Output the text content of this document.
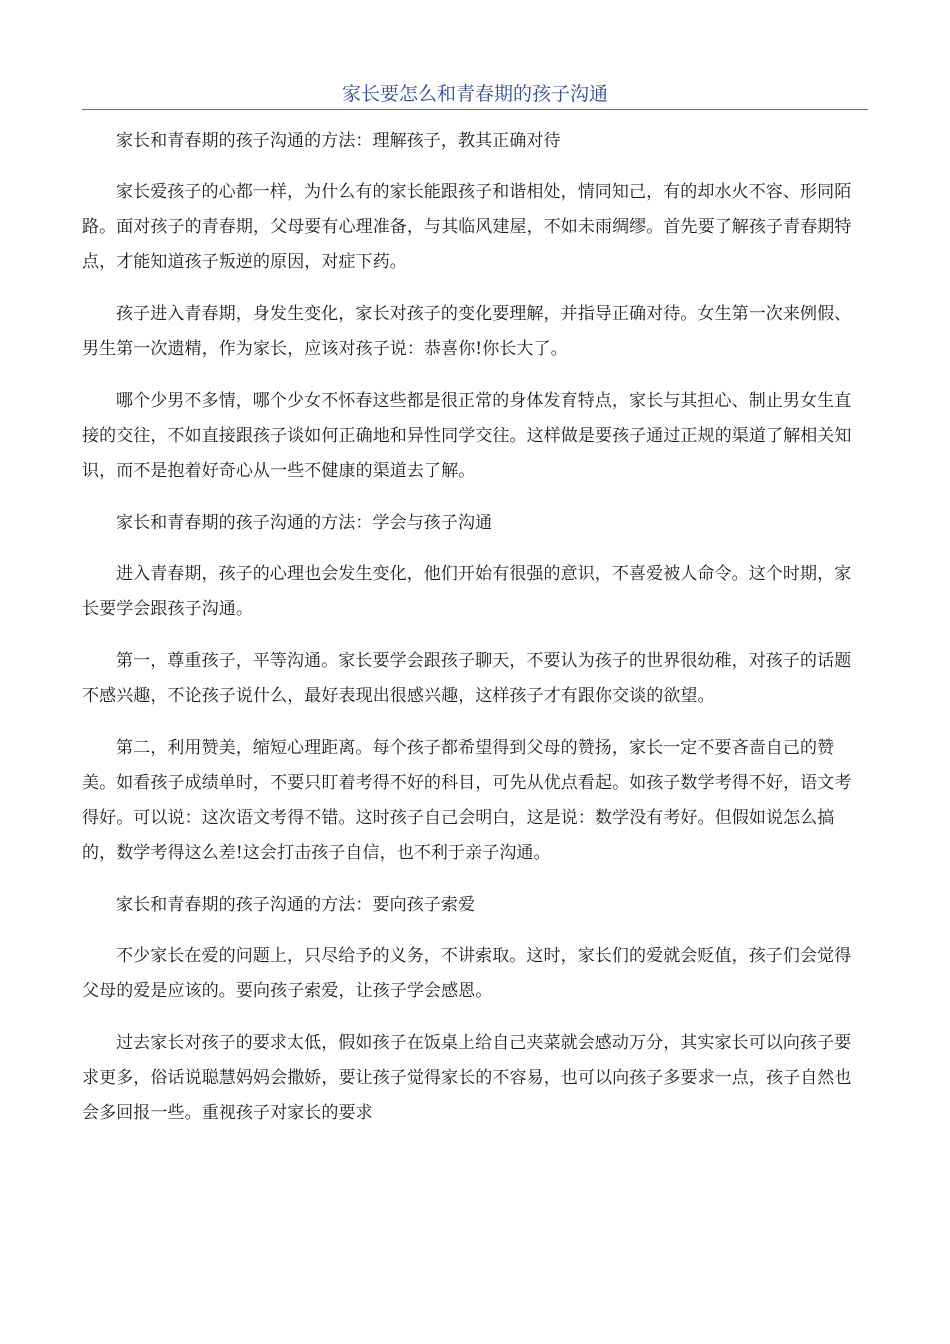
家长要怎么和青春期的孩子沟通

家长和青春期的孩子沟通的方法：理解孩子，教其正确对待

家长爱孩子的心都一样，为什么有的家长能跟孩子和谐相处，情同知己，有的却水火不容、形同陌路。面对孩子的青春期，父母要有心理准备，与其临风建屋，不如未雨绸缪。首先要了解孩子青春期特点，才能知道孩子叛逆的原因，对症下药。

孩子进入青春期，身发生变化，家长对孩子的变化要理解，并指导正确对待。女生第一次来例假、男生第一次遗精，作为家长，应该对孩子说：恭喜你!你长大了。

哪个少男不多情，哪个少女不怀春这些都是很正常的身体发育特点，家长与其担心、制止男女生直接的交往，不如直接跟孩子谈如何正确地和异性同学交往。这样做是要孩子通过正规的渠道了解相关知识，而不是抱着好奇心从一些不健康的渠道去了解。

家长和青春期的孩子沟通的方法：学会与孩子沟通

进入青春期，孩子的心理也会发生变化，他们开始有很强的意识，不喜爱被人命令。这个时期，家长要学会跟孩子沟通。

第一，尊重孩子，平等沟通。家长要学会跟孩子聊天，不要认为孩子的世界很幼稚，对孩子的话题不感兴趣，不论孩子说什么，最好表现出很感兴趣，这样孩子才有跟你交谈的欲望。

第二，利用赞美，缩短心理距离。每个孩子都希望得到父母的赞扬，家长一定不要吝啬自己的赞美。如看孩子成绩单时，不要只盯着考得不好的科目，可先从优点看起。如孩子数学考得不好，语文考得好。可以说：这次语文考得不错。这时孩子自己会明白，这是说：数学没有考好。但假如说怎么搞的，数学考得这么差!这会打击孩子自信，也不利于亲子沟通。

家长和青春期的孩子沟通的方法：要向孩子索爱

不少家长在爱的问题上，只尽给予的义务，不讲索取。这时，家长们的爱就会贬值，孩子们会觉得父母的爱是应该的。要向孩子索爱，让孩子学会感恩。

过去家长对孩子的要求太低，假如孩子在饭桌上给自己夹菜就会感动万分，其实家长可以向孩子要求更多，俗话说聪慧妈妈会撒娇，要让孩子觉得家长的不容易，也可以向孩子多要求一点，孩子自然也会多回报一些。重视孩子对家长的要求
